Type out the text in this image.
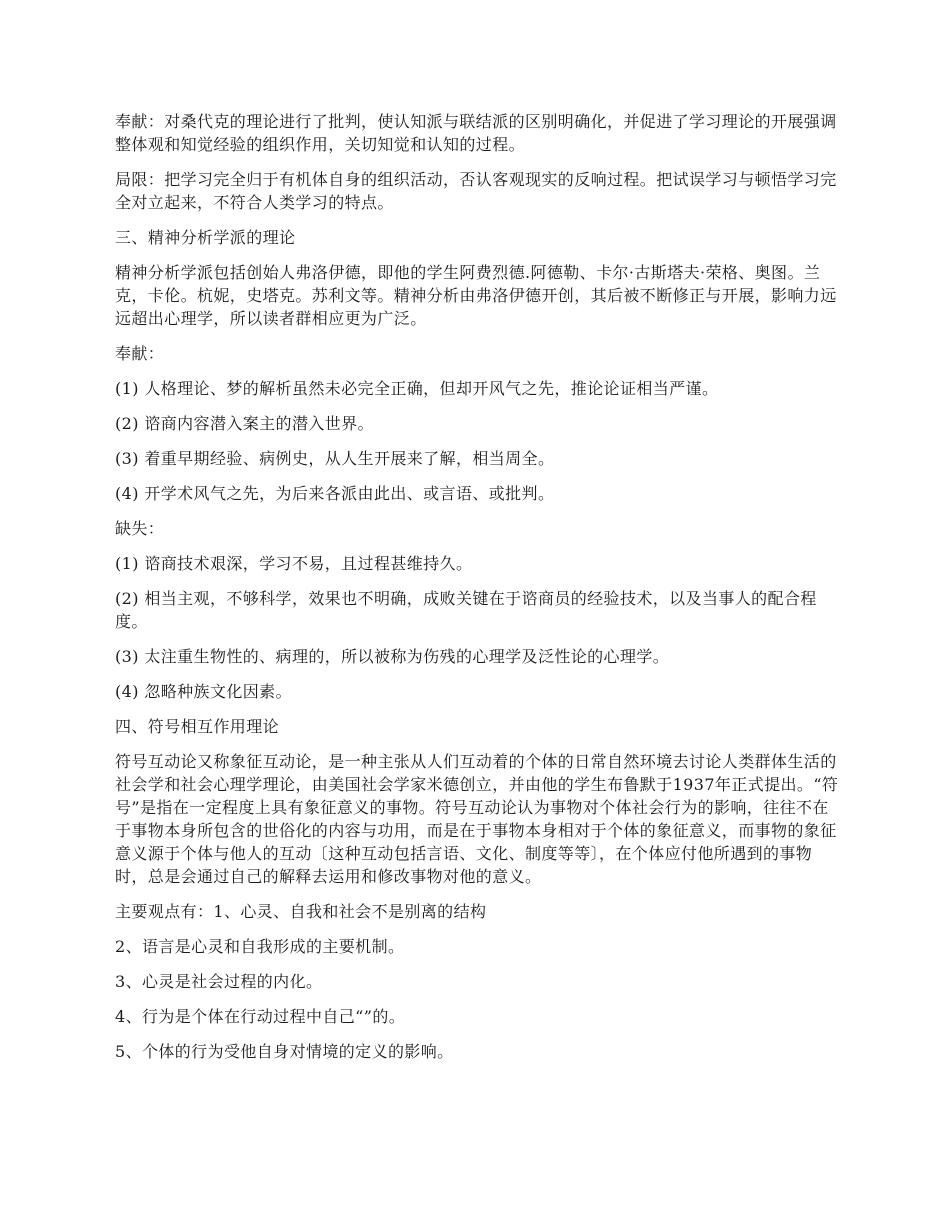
奉献：对桑代克的理论进行了批判，使认知派与联结派的区别明确化，并促进了学习理论的开展强调整体观和知觉经验的组织作用，关切知觉和认知的过程。

局限：把学习完全归于有机体自身的组织活动，否认客观现实的反响过程。把试误学习与顿悟学习完全对立起来，不符合人类学习的特点。

三、精神分析学派的理论

精神分析学派包括创始人弗洛伊德，即他的学生阿费烈德.阿德勒、卡尔·古斯塔夫·荣格、奥图。兰克，卡伦。杭妮，史塔克。苏利文等。精神分析由弗洛伊德开创，其后被不断修正与开展，影响力远远超出心理学，所以读者群相应更为广泛。

奉献：

(1) 人格理论、梦的解析虽然未必完全正确，但却开风气之先，推论论证相当严谨。

(2) 谘商内容潜入案主的潜入世界。

(3) 着重早期经验、病例史，从人生开展来了解，相当周全。

(4) 开学术风气之先，为后来各派由此出、或言语、或批判。

缺失：

(1) 谘商技术艰深，学习不易，且过程甚维持久。

(2) 相当主观，不够科学，效果也不明确，成败关键在于谘商员的经验技术，以及当事人的配合程度。

(3) 太注重生物性的、病理的，所以被称为伤残的心理学及泛性论的心理学。

(4) 忽略种族文化因素。

四、符号相互作用理论

符号互动论又称象征互动论，是一种主张从人们互动着的个体的日常自然环境去讨论人类群体生活的社会学和社会心理学理论，由美国社会学家米德创立，并由他的学生布鲁默于1937年正式提出。“符号”是指在一定程度上具有象征意义的事物。符号互动论认为事物对个体社会行为的影响，往往不在于事物本身所包含的世俗化的内容与功用，而是在于事物本身相对于个体的象征意义，而事物的象征意义源于个体与他人的互动〔这种互动包括言语、文化、制度等等〕，在个体应付他所遇到的事物时，总是会通过自己的解释去运用和修改事物对他的意义。

主要观点有：1、心灵、自我和社会不是别离的结构

2、语言是心灵和自我形成的主要机制。

3、心灵是社会过程的内化。

4、行为是个体在行动过程中自己“”的。

5、个体的行为受他自身对情境的定义的影响。
